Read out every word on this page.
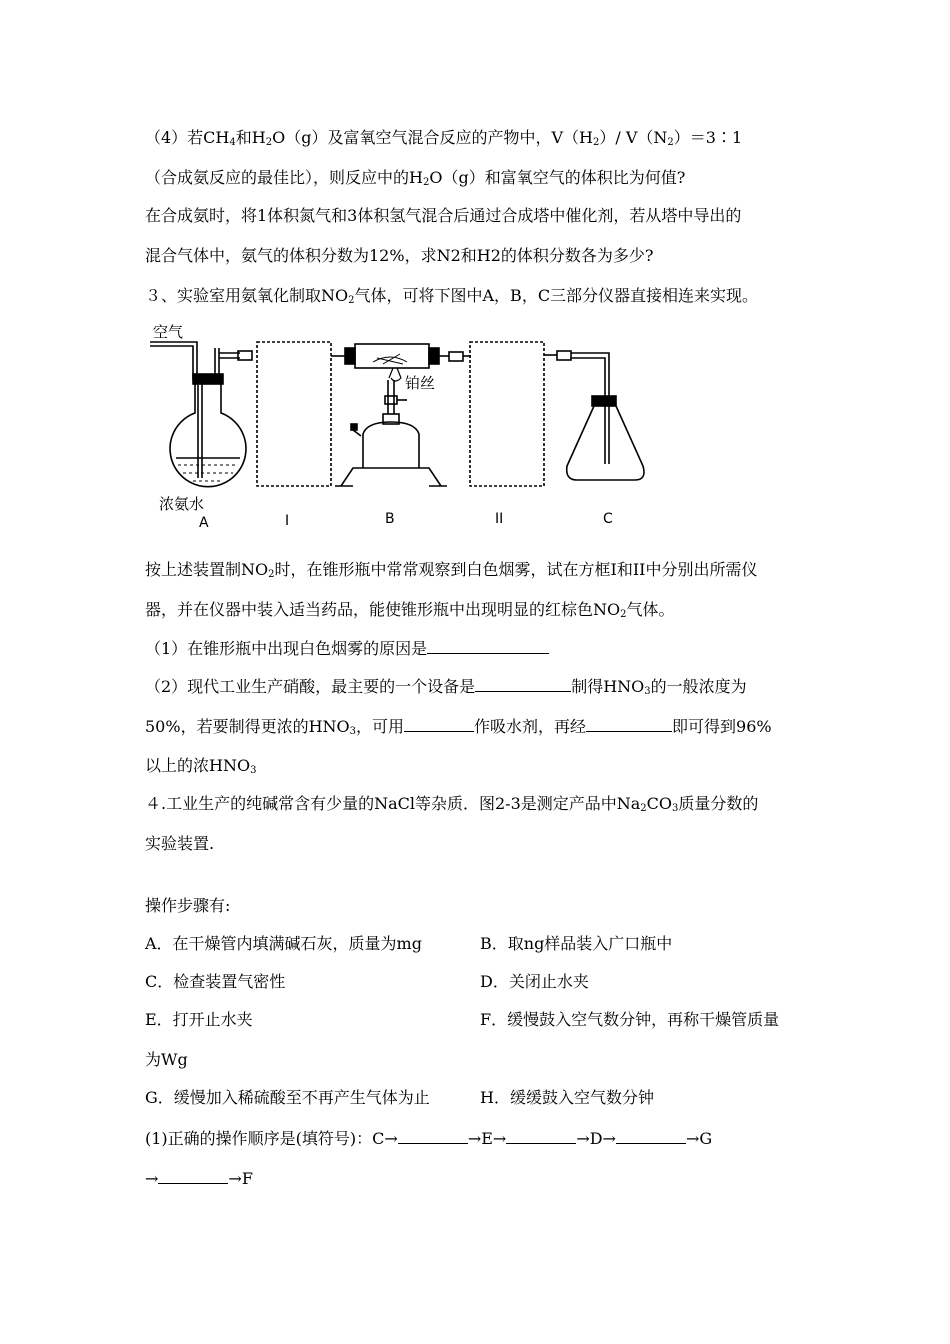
（4）若$CH_4$和$H_2O(g)$及富氧空气混合反应的产物中，$V(H_2)/$ $V(N_2)=3∶1$
（合成氨反应的最佳比），则反应中的$H_2O(g)$和富氧空气的体积比为何值?
在合成氨时，将1体积氮气和3体积氢气混合后通过合成塔中催化剂，若从塔中导出的
混合气体中，氨气的体积分数为12%，求N2和H2的体积分数各为多少?
３、实验室用氨氧化制取$NO_2$气体，可将下图中A，B，C三部分仪器直接相连来实现。
空气
浓氨水
铂丝
A	I	B	II	C
按上述装置制$NO_2$时，在锥形瓶中常常观察到白色烟雾，试在方框I和II中分别出所需仪
器，并在仪器中装入适当药品，能使锥形瓶中出现明显的红棕色$NO_2$气体。
（1）在锥形瓶中出现白色烟雾的原因是
（2）现代工业生产硝酸，最主要的一个设备是	制得$HNO_3$的一般浓度为
50%，若要制得更浓的$HNO_3$，可用	作吸水剂，再经	即可得到96%
以上的浓$HNO_3$
４.工业生产的纯碱常含有少量的NaCl等杂质．图2-3是测定产品中$Na_2CO_3$质量分数的
实验装置.
操作步骤有:
A．在干燥管内填满碱石灰，质量为mg	B．取ng样品装入广口瓶中
C．检查装置气密性	D．关闭止水夹
E．打开止水夹	F．缓慢鼓入空气数分钟，再称干燥管质量
为Wg
G．缓慢加入稀硫酸至不再产生气体为止	H．缓缓鼓入空气数分钟
(1)正确的操作顺序是(填符号)：C→	→E→	→D→	→G
→	→F
